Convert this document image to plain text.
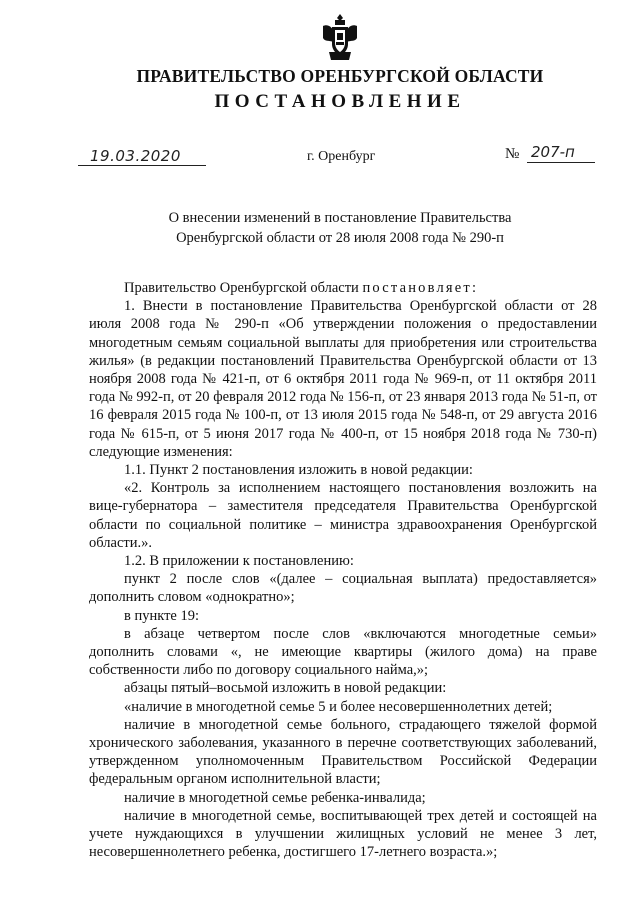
ПРАВИТЕЛЬСТВО ОРЕНБУРГСКОЙ ОБЛАСТИ
ПОСТАНОВЛЕНИЕ
19.03.2020	г. Оренбург	№ 207-п
О внесении изменений в постановление Правительства
Оренбургской области от 28 июля 2008 года № 290-п

Правительство Оренбургской области постановляет:

1. Внести в постановление Правительства Оренбургской области от 28 июля 2008 года № 290-п «Об утверждении положения о предоставлении многодетным семьям социальной выплаты для приобретения или строительства жилья» (в редакции постановлений Правительства Оренбургской области от 13 ноября 2008 года № 421-п, от 6 октября 2011 года № 969-п, от 11 октября 2011 года № 992-п, от 20 февраля 2012 года № 156-п, от 23 января 2013 года № 51-п, от 16 февраля 2015 года № 100-п, от 13 июля 2015 года № 548-п, от 29 августа 2016 года № 615-п, от 5 июня 2017 года № 400-п, от 15 ноября 2018 года № 730-п) следующие изменения:

1.1. Пункт 2 постановления изложить в новой редакции:

«2. Контроль за исполнением настоящего постановления возложить на вице-губернатора – заместителя председателя Правительства Оренбургской области по социальной политике – министра здравоохранения Оренбургской области.».

1.2. В приложении к постановлению:

пункт 2 после слов «(далее – социальная выплата) предоставляется» дополнить словом «однократно»;

в пункте 19:

в абзаце четвертом после слов «включаются многодетные семьи» дополнить словами «, не имеющие квартиры (жилого дома) на праве собственности либо по договору социального найма,»;

абзацы пятый–восьмой изложить в новой редакции:

«наличие в многодетной семье 5 и более несовершеннолетних детей;

наличие в многодетной семье больного, страдающего тяжелой формой хронического заболевания, указанного в перечне соответствующих заболеваний, утвержденном уполномоченным Правительством Российской Федерации федеральным органом исполнительной власти;

наличие в многодетной семье ребенка-инвалида;

наличие в многодетной семье, воспитывающей трех детей и состоящей на учете нуждающихся в улучшении жилищных условий не менее 3 лет, несовершеннолетнего ребенка, достигшего 17-летнего возраста.»;
